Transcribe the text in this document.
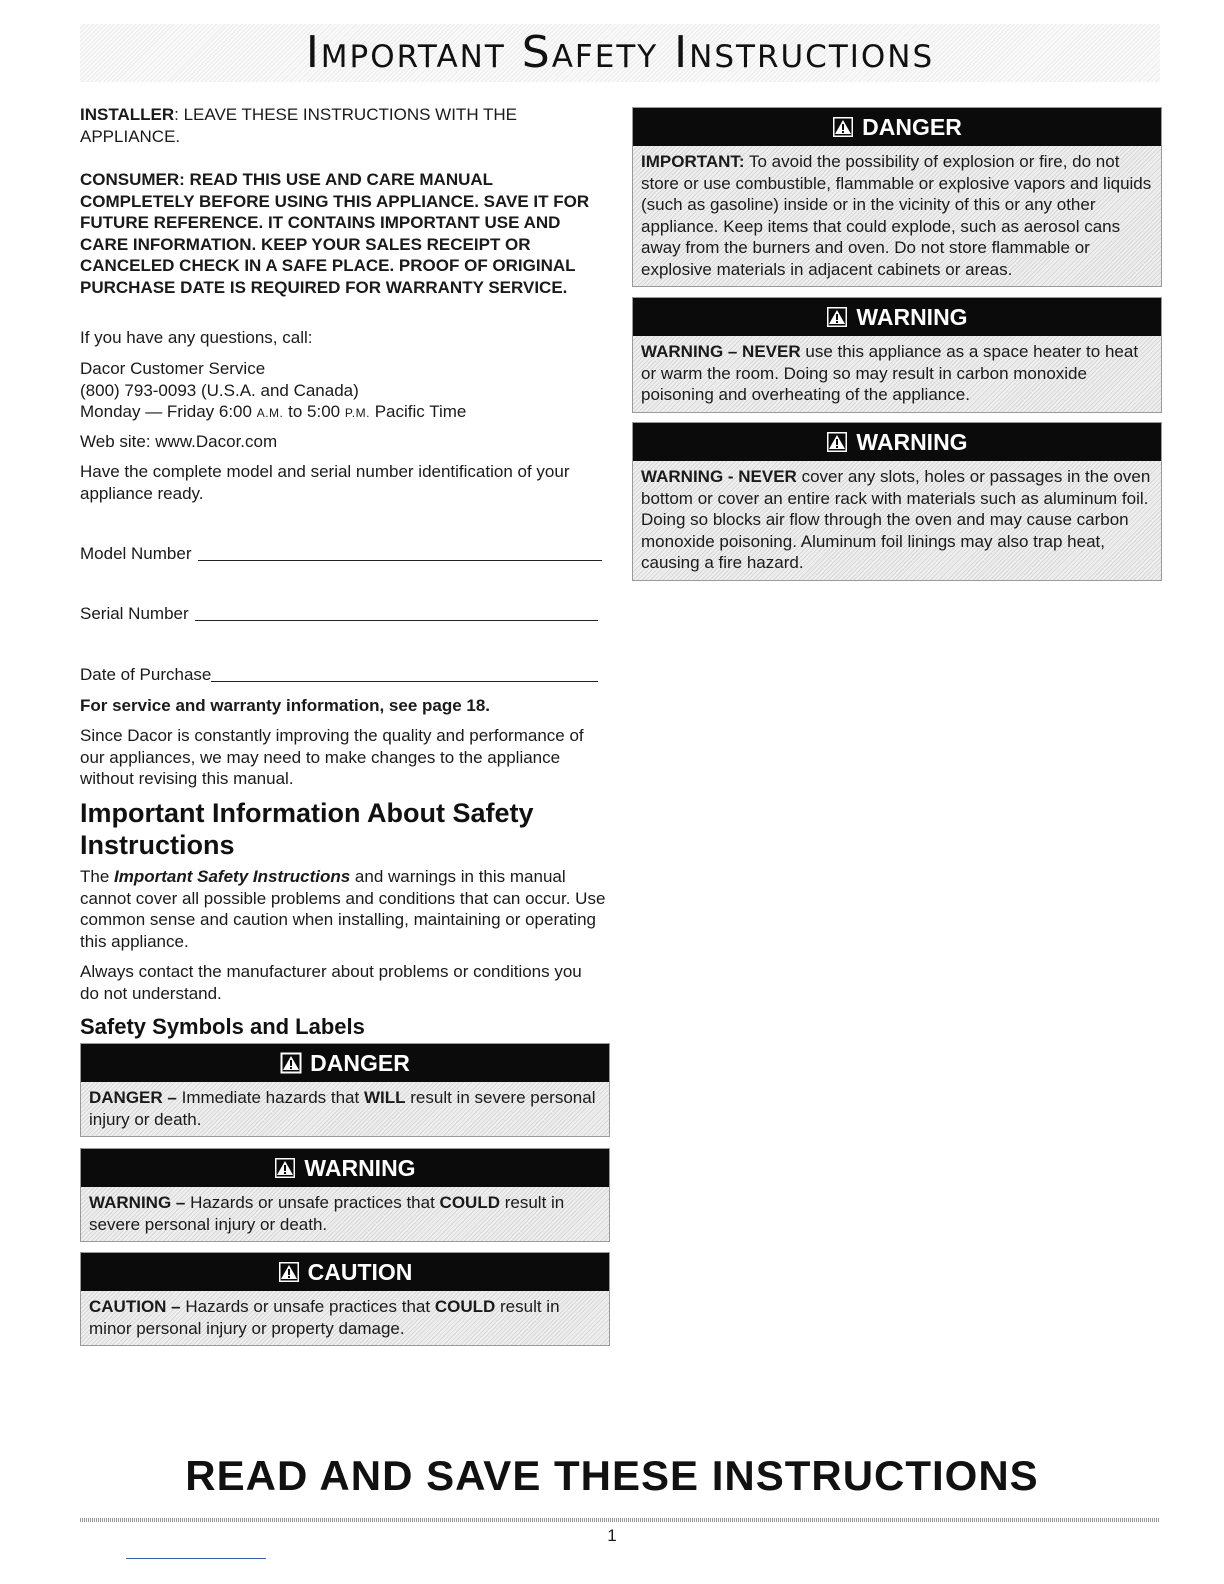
Important Safety Instructions
INSTALLER: LEAVE THESE INSTRUCTIONS WITH THE APPLIANCE.
CONSUMER: READ THIS USE AND CARE MANUAL COMPLETELY BEFORE USING THIS APPLIANCE. SAVE IT FOR FUTURE REFERENCE. IT CONTAINS IMPORTANT USE AND CARE INFORMATION. KEEP YOUR SALES RECEIPT OR CANCELED CHECK IN A SAFE PLACE. PROOF OF ORIGINAL PURCHASE DATE IS REQUIRED FOR WARRANTY SERVICE.
If you have any questions, call:
Dacor Customer Service
(800) 793-0093 (U.S.A. and Canada)
Monday — Friday 6:00 A.M. to 5:00 P.M. Pacific Time
Web site: www.Dacor.com
Have the complete model and serial number identification of your appliance ready.
Model Number
Serial Number
Date of Purchase
For service and warranty information, see page 18.
Since Dacor is constantly improving the quality and performance of our appliances, we may need to make changes to the appliance without revising this manual.
Important Information About Safety Instructions
The Important Safety Instructions and warnings in this manual cannot cover all possible problems and conditions that can occur. Use common sense and caution when installing, maintaining or operating this appliance.
Always contact the manufacturer about problems or conditions you do not understand.
Safety Symbols and Labels
DANGER
DANGER – Immediate hazards that WILL result in severe personal injury or death.
WARNING
WARNING – Hazards or unsafe practices that COULD result in severe personal injury or death.
CAUTION
CAUTION – Hazards or unsafe practices that COULD result in minor personal injury or property damage.
DANGER
IMPORTANT: To avoid the possibility of explosion or fire, do not store or use combustible, flammable or explosive vapors and liquids (such as gasoline) inside or in the vicinity of this or any other appliance. Keep items that could explode, such as aerosol cans away from the burners and oven. Do not store flammable or explosive materials in adjacent cabinets or areas.
WARNING
WARNING – NEVER use this appliance as a space heater to heat or warm the room. Doing so may result in carbon monoxide poisoning and overheating of the appliance.
WARNING
WARNING - NEVER cover any slots, holes or passages in the oven bottom or cover an entire rack with materials such as aluminum foil. Doing so blocks air flow through the oven and may cause carbon monoxide poisoning. Aluminum foil linings may also trap heat, causing a fire hazard.
READ AND SAVE THESE INSTRUCTIONS
1
